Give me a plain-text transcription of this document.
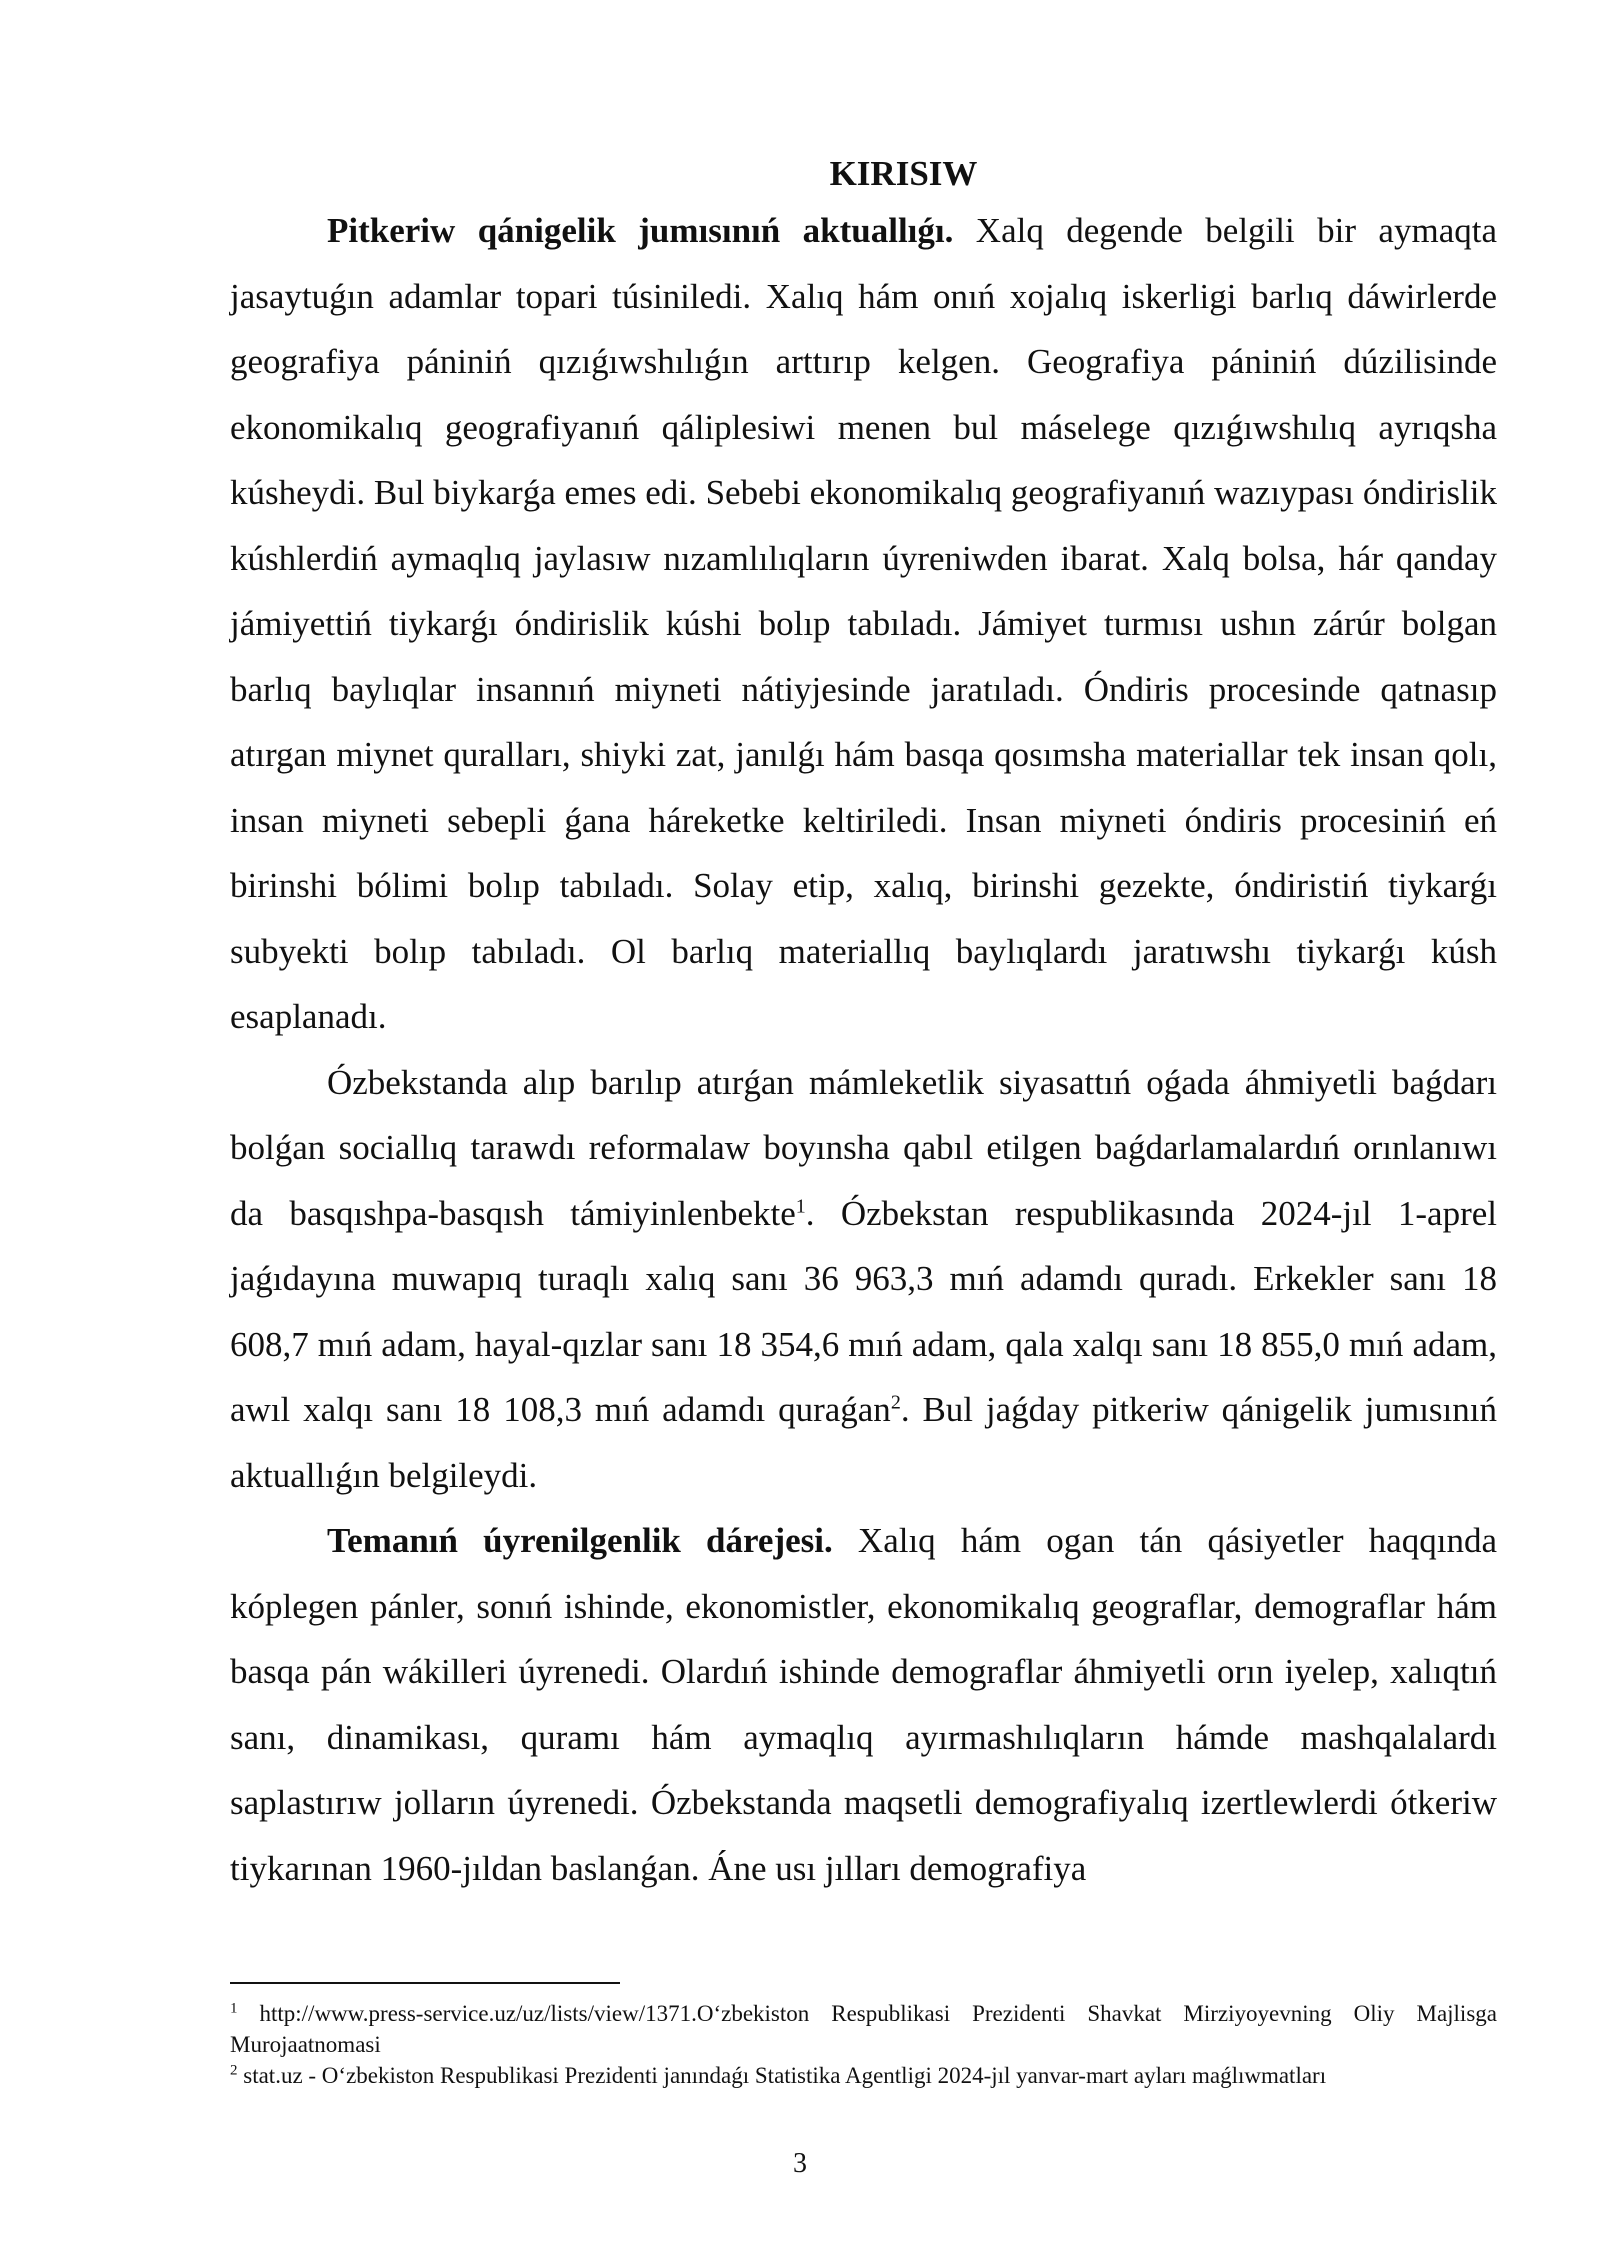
KIRISIW

Pitkeriw qánigelik jumısınıń aktuallıǵı. Xalq degende belgili bir aymaqta jasaytuǵın adamlar topari túsiniledi. Xalıq hám onıń xojalıq iskerligi barlıq dáwirlerde geografiya pániniń qızıǵıwshılıǵın arttırıp kelgen. Geografiya pániniń dúzilisinde ekonomikalıq geografiyanıń qáliplesiwi menen bul máselege qızıǵıwshılıq ayrıqsha kúsheydi. Bul biykarǵa emes edi. Sebebi ekonomikalıq geografiyanıń wazıypası óndirislik kúshlerdiń aymaqlıq jaylasıw nızamlılıqların úyreniwden ibarat. Xalq bolsa, hár qanday jámiyettiń tiykarǵı óndirislik kúshi bolıp tabıladı. Jámiyet turmısı ushın zárúr bolgan barlıq baylıqlar insannıń miyneti nátiyjesinde jaratıladı. Óndiris procesinde qatnasıp atırgan miynet quralları, shiyki zat, janılǵı hám basqa qosımsha materiallar tek insan qolı, insan miyneti sebepli ǵana háreketke keltiriledi. Insan miyneti óndiris procesiniń eń birinshi bólimi bolıp tabıladı. Solay etip, xalıq, birinshi gezekte, óndiristiń tiykarǵı subyekti bolıp tabıladı. Ol barlıq materiallıq baylıqlardı jaratıwshı tiykarǵı kúsh esaplanadı.

Ózbekstanda alıp barılıp atırǵan mámleketlik siyasattıń oǵada áhmiyetli baǵdarı bolǵan sociallıq tarawdı reformalaw boyınsha qabıl etilgen baǵdarlamalardıń orınlanıwı da basqıshpa-basqısh támiyinlenbekte$^1$. Ózbekstan respublikasında 2024-jıl 1-aprel jaǵıdayına muwapıq turaqlı xalıq sanı 36 963,3 mıń adamdı quradı. Erkekler sanı 18 608,7 mıń adam, hayal-qızlar sanı 18 354,6 mıń adam, qala xalqı sanı 18 855,0 mıń adam, awıl xalqı sanı 18 108,3 mıń adamdı quraǵan$^2$. Bul jaǵday pitkeriw qánigelik jumısınıń aktuallıǵın belgileydi.

Temanıń úyrenilgenlik dárejesi. Xalıq hám ogan tán qásiyetler haqqında kóplegen pánler, sonıń ishinde, ekonomistler, ekonomikalıq geograflar, demograflar hám basqa pán wákilleri úyrenedi. Olardıń ishinde demograflar áhmiyetli orın iyelep, xalıqtıń sanı, dinamikası, quramı hám aymaqlıq ayırmashılıqların hámde mashqalalardı saplastırıw jolların úyrenedi. Ózbekstanda maqsetli demografiyalıq izertlewlerdi ótkeriw tiykarınan 1960-jıldan baslanǵan. Áne usı jılları demografiya

$^1$ http://www.press-service.uz/uz/lists/view/1371.O‘zbekiston Respublikasi Prezidenti Shavkat Mirziyoyevning Oliy Majlisga Murojaatnomasi

$^2$ stat.uz - O‘zbekiston Respublikasi Prezidenti janındaǵı Statistika Agentligi 2024-jıl yanvar-mart ayları maǵlıwmatları

3
